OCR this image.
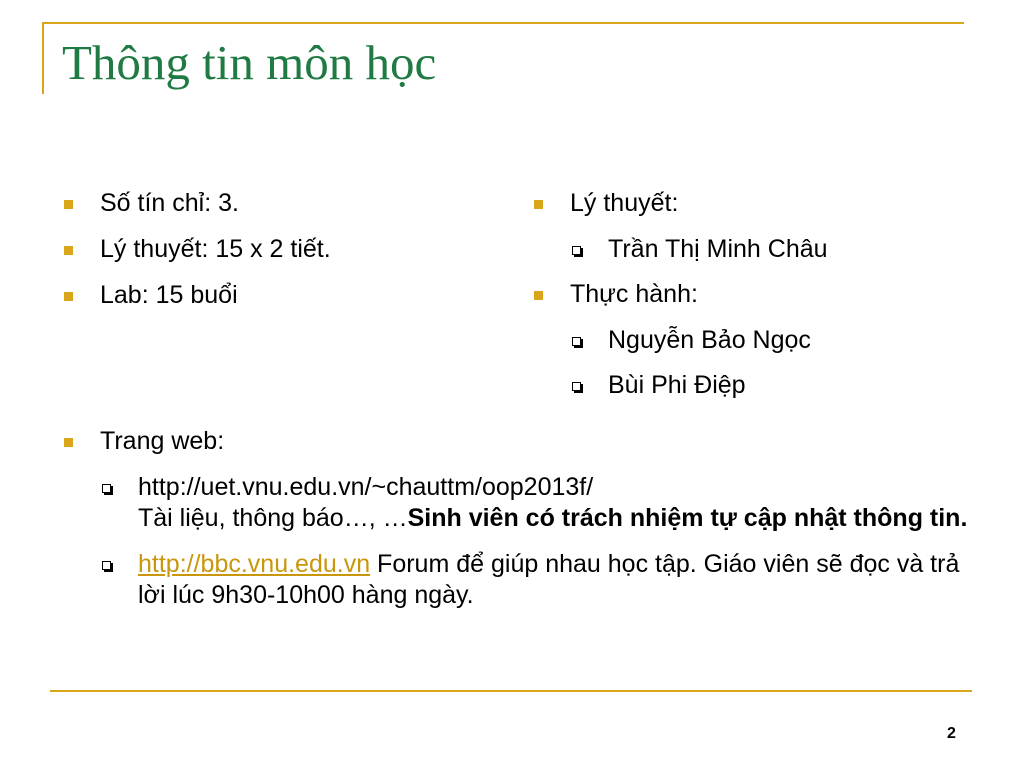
Thông tin môn học
Số tín chỉ: 3.
Lý thuyết: 15 x 2 tiết.
Lab: 15 buổi
Lý thuyết:
Trần Thị Minh Châu
Thực hành:
Nguyễn Bảo Ngọc
Bùi Phi Điệp
Trang web:
http://uet.vnu.edu.vn/~chauttm/oop2013f/
Tài liệu, thông báo…, …Sinh viên có trách nhiệm tự cập nhật thông tin.
http://bbc.vnu.edu.vn Forum để giúp nhau học tập. Giáo viên sẽ đọc và trả lời lúc 9h30-10h00 hàng ngày.
2
